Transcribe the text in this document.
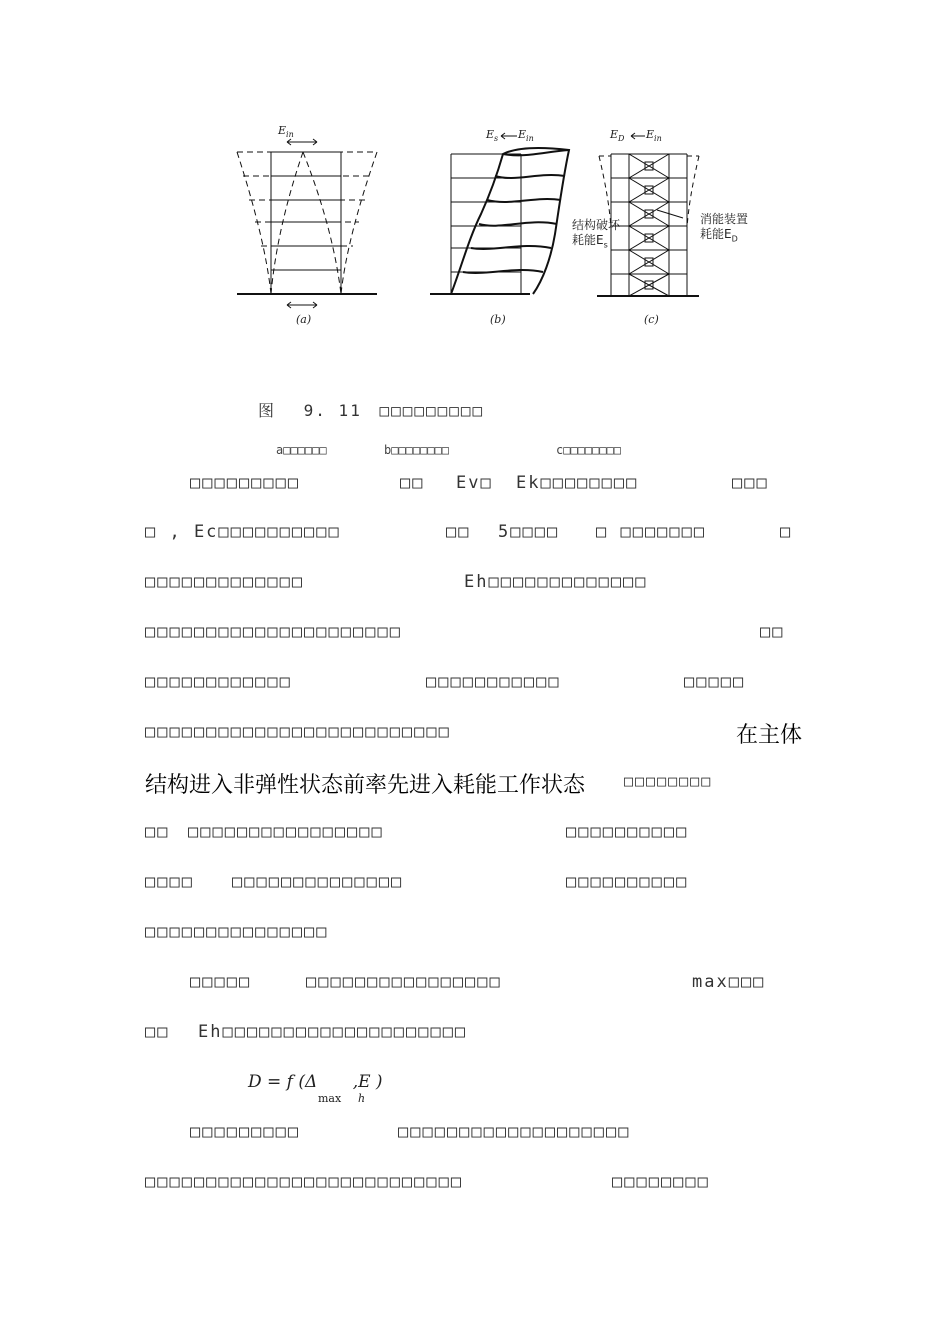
$E_{in}$	$E_s$ $E_{in}$
结构破坏
耗能$E_s$
$E_D$ $E_{in}$
消能装置
耗能$E_D$
(a)	(b)	(c)
图 9. 11 □□□□□□□□□
a□□□□□□	b□□□□□□□□	c□□□□□□□□
□□□□□□□□□	□□ Ev□ Ek□□□□□□□□	□□□
□ , Ec□□□□□□□□□□	□□ 5□□□□ □ □□□□□□□	□
□□□□□□□□□□□□□	Eh□□□□□□□□□□□□□
□□□□□□□□□□□□□□□□□□□□□	□□
□□□□□□□□□□□□	□□□□□□□□□□□	□□□□□
□□□□□□□□□□□□□□□□□□□□□□□□□	在主体
结构进入非弹性状态前率先进入耗能工作状态	□□□□□□□□
□□ □□□□□□□□□□□□□□□□	□□□□□□□□□□
□□□□ □□□□□□□□□□□□□□	□□□□□□□□□□
□□□□□□□□□□□□□□□
□□□□□	□□□□□□□□□□□□□□□□	max□□□
□□ Eh□□□□□□□□□□□□□□□□□□□□
D = f (Δ ,E )
max h
□□□□□□□□□	□□□□□□□□□□□□□□□□□□□
□□□□□□□□□□□□□□□□□□□□□□□□□□	□□□□□□□□
